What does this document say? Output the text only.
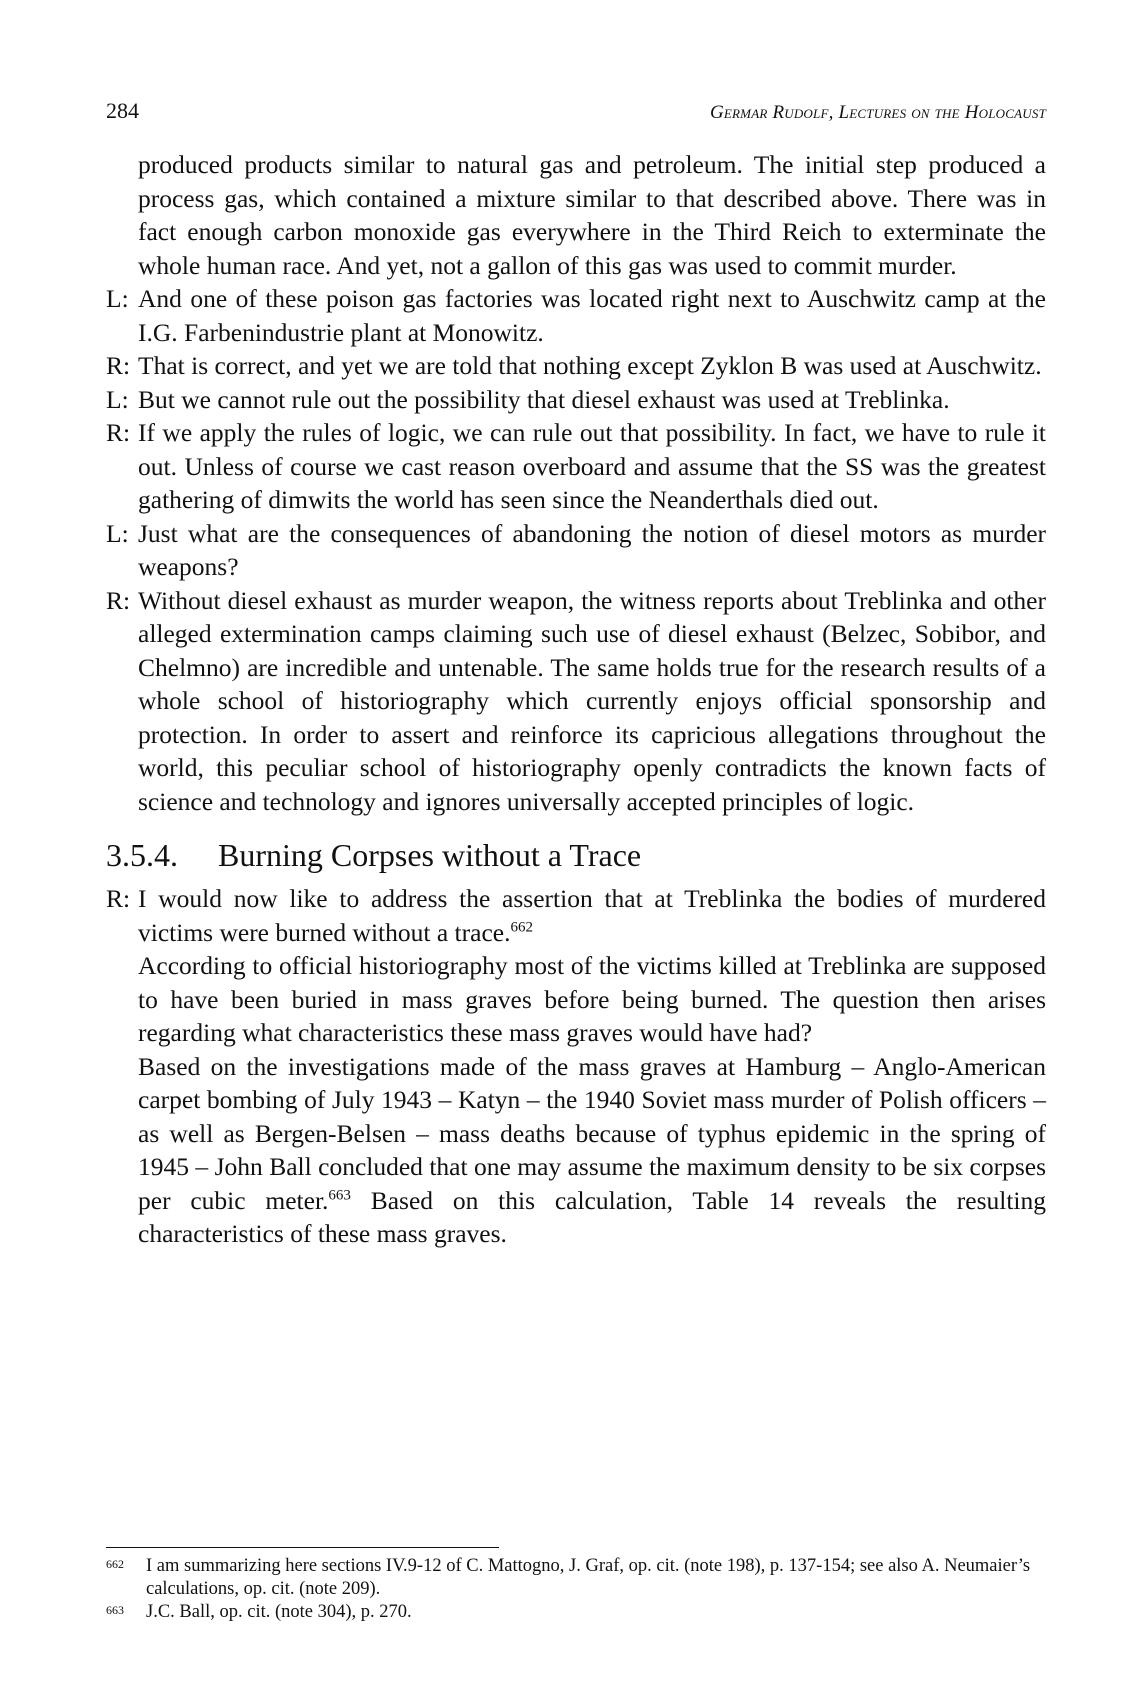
284	Germar Rudolf, Lectures on the Holocaust

produced products similar to natural gas and petroleum. The initial step produced a process gas, which contained a mixture similar to that described above. There was in fact enough carbon monoxide gas everywhere in the Third Reich to exterminate the whole human race. And yet, not a gallon of this gas was used to commit murder.

L: And one of these poison gas factories was located right next to Auschwitz camp at the I.G. Farbenindustrie plant at Monowitz.

R: That is correct, and yet we are told that nothing except Zyklon B was used at Auschwitz.

L: But we cannot rule out the possibility that diesel exhaust was used at Treblinka.

R: If we apply the rules of logic, we can rule out that possibility. In fact, we have to rule it out. Unless of course we cast reason overboard and assume that the SS was the greatest gathering of dimwits the world has seen since the Neanderthals died out.

L: Just what are the consequences of abandoning the notion of diesel motors as murder weapons?

R: Without diesel exhaust as murder weapon, the witness reports about Treblinka and other alleged extermination camps claiming such use of diesel exhaust (Belzec, Sobibor, and Chelmno) are incredible and untenable. The same holds true for the research results of a whole school of historiography which currently enjoys official sponsorship and protection. In order to assert and reinforce its capricious allegations throughout the world, this peculiar school of historiography openly contradicts the known facts of science and technology and ignores universally accepted principles of logic.

3.5.4. Burning Corpses without a Trace
R: I would now like to address the assertion that at Treblinka the bodies of murdered victims were burned without a trace.$^{662}$

According to official historiography most of the victims killed at Treblinka are supposed to have been buried in mass graves before being burned. The question then arises regarding what characteristics these mass graves would have had?

Based on the investigations made of the mass graves at Hamburg – Anglo-American carpet bombing of July 1943 – Katyn – the 1940 Soviet mass murder of Polish officers – as well as Bergen-Belsen – mass deaths because of typhus epidemic in the spring of 1945 – John Ball concluded that one may assume the maximum density to be six corpses per cubic meter.$^{663}$ Based on this calculation, Table 14 reveals the resulting characteristics of these mass graves.

662	I am summarizing here sections IV.9-12 of C. Mattogno, J. Graf, op. cit. (note 198), p. 137-154; see also A. Neumaier’s calculations, op. cit. (note 209).
663	J.C. Ball, op. cit. (note 304), p. 270.
